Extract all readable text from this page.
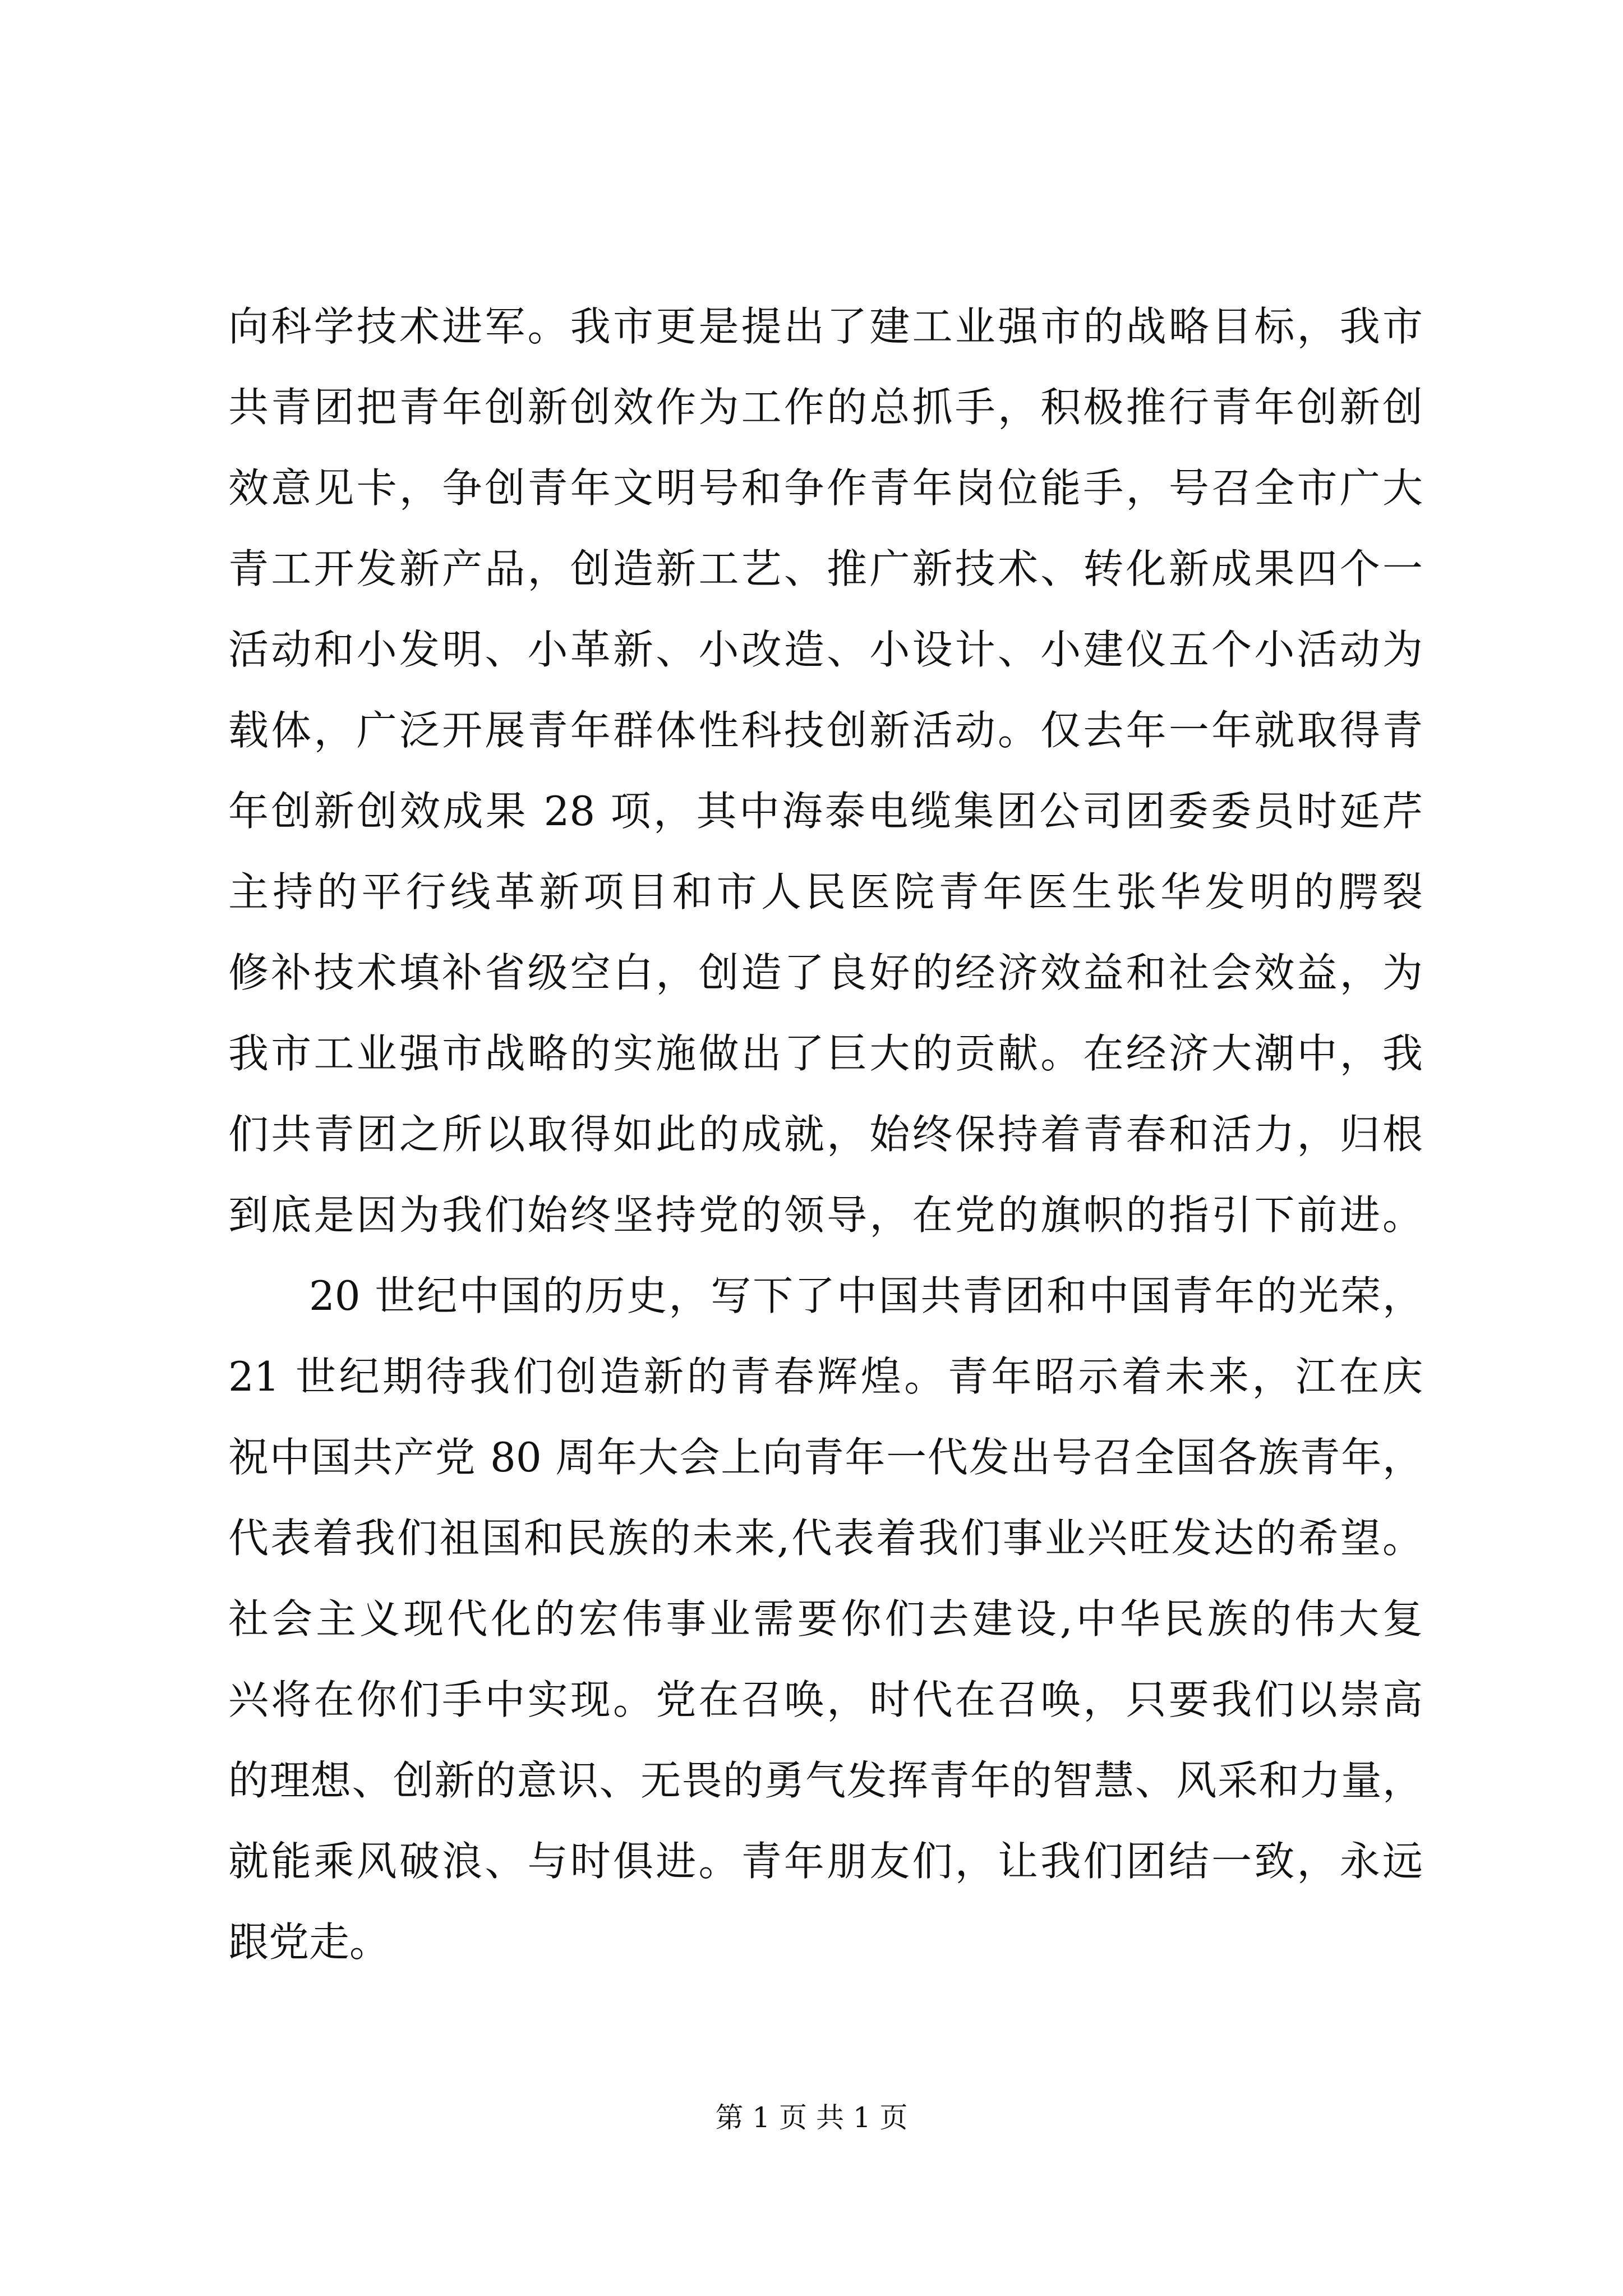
向科学技术进军。我市更是提出了建工业强市的战略目标，我市
共青团把青年创新创效作为工作的总抓手，积极推行青年创新创
效意见卡，争创青年文明号和争作青年岗位能手，号召全市广大
青工开发新产品，创造新工艺、推广新技术、转化新成果四个一
活动和小发明、小革新、小改造、小设计、小建仪五个小活动为
载体，广泛开展青年群体性科技创新活动。仅去年一年就取得青
年创新创效成果 28 项，其中海泰电缆集团公司团委委员时延芹
主持的平行线革新项目和市人民医院青年医生张华发明的腭裂
修补技术填补省级空白，创造了良好的经济效益和社会效益，为
我市工业强市战略的实施做出了巨大的贡献。在经济大潮中，我
们共青团之所以取得如此的成就，始终保持着青春和活力，归根
到底是因为我们始终坚持党的领导，在党的旗帜的指引下前进。
20 世纪中国的历史，写下了中国共青团和中国青年的光荣，
21 世纪期待我们创造新的青春辉煌。青年昭示着未来，江在庆
祝中国共产党 80 周年大会上向青年一代发出号召全国各族青年，
代表着我们祖国和民族的未来,代表着我们事业兴旺发达的希望。
社会主义现代化的宏伟事业需要你们去建设,中华民族的伟大复
兴将在你们手中实现。党在召唤，时代在召唤，只要我们以崇高
的理想、创新的意识、无畏的勇气发挥青年的智慧、风采和力量，
就能乘风破浪、与时俱进。青年朋友们，让我们团结一致，永远
跟党走。
第 1 页 共 1 页
